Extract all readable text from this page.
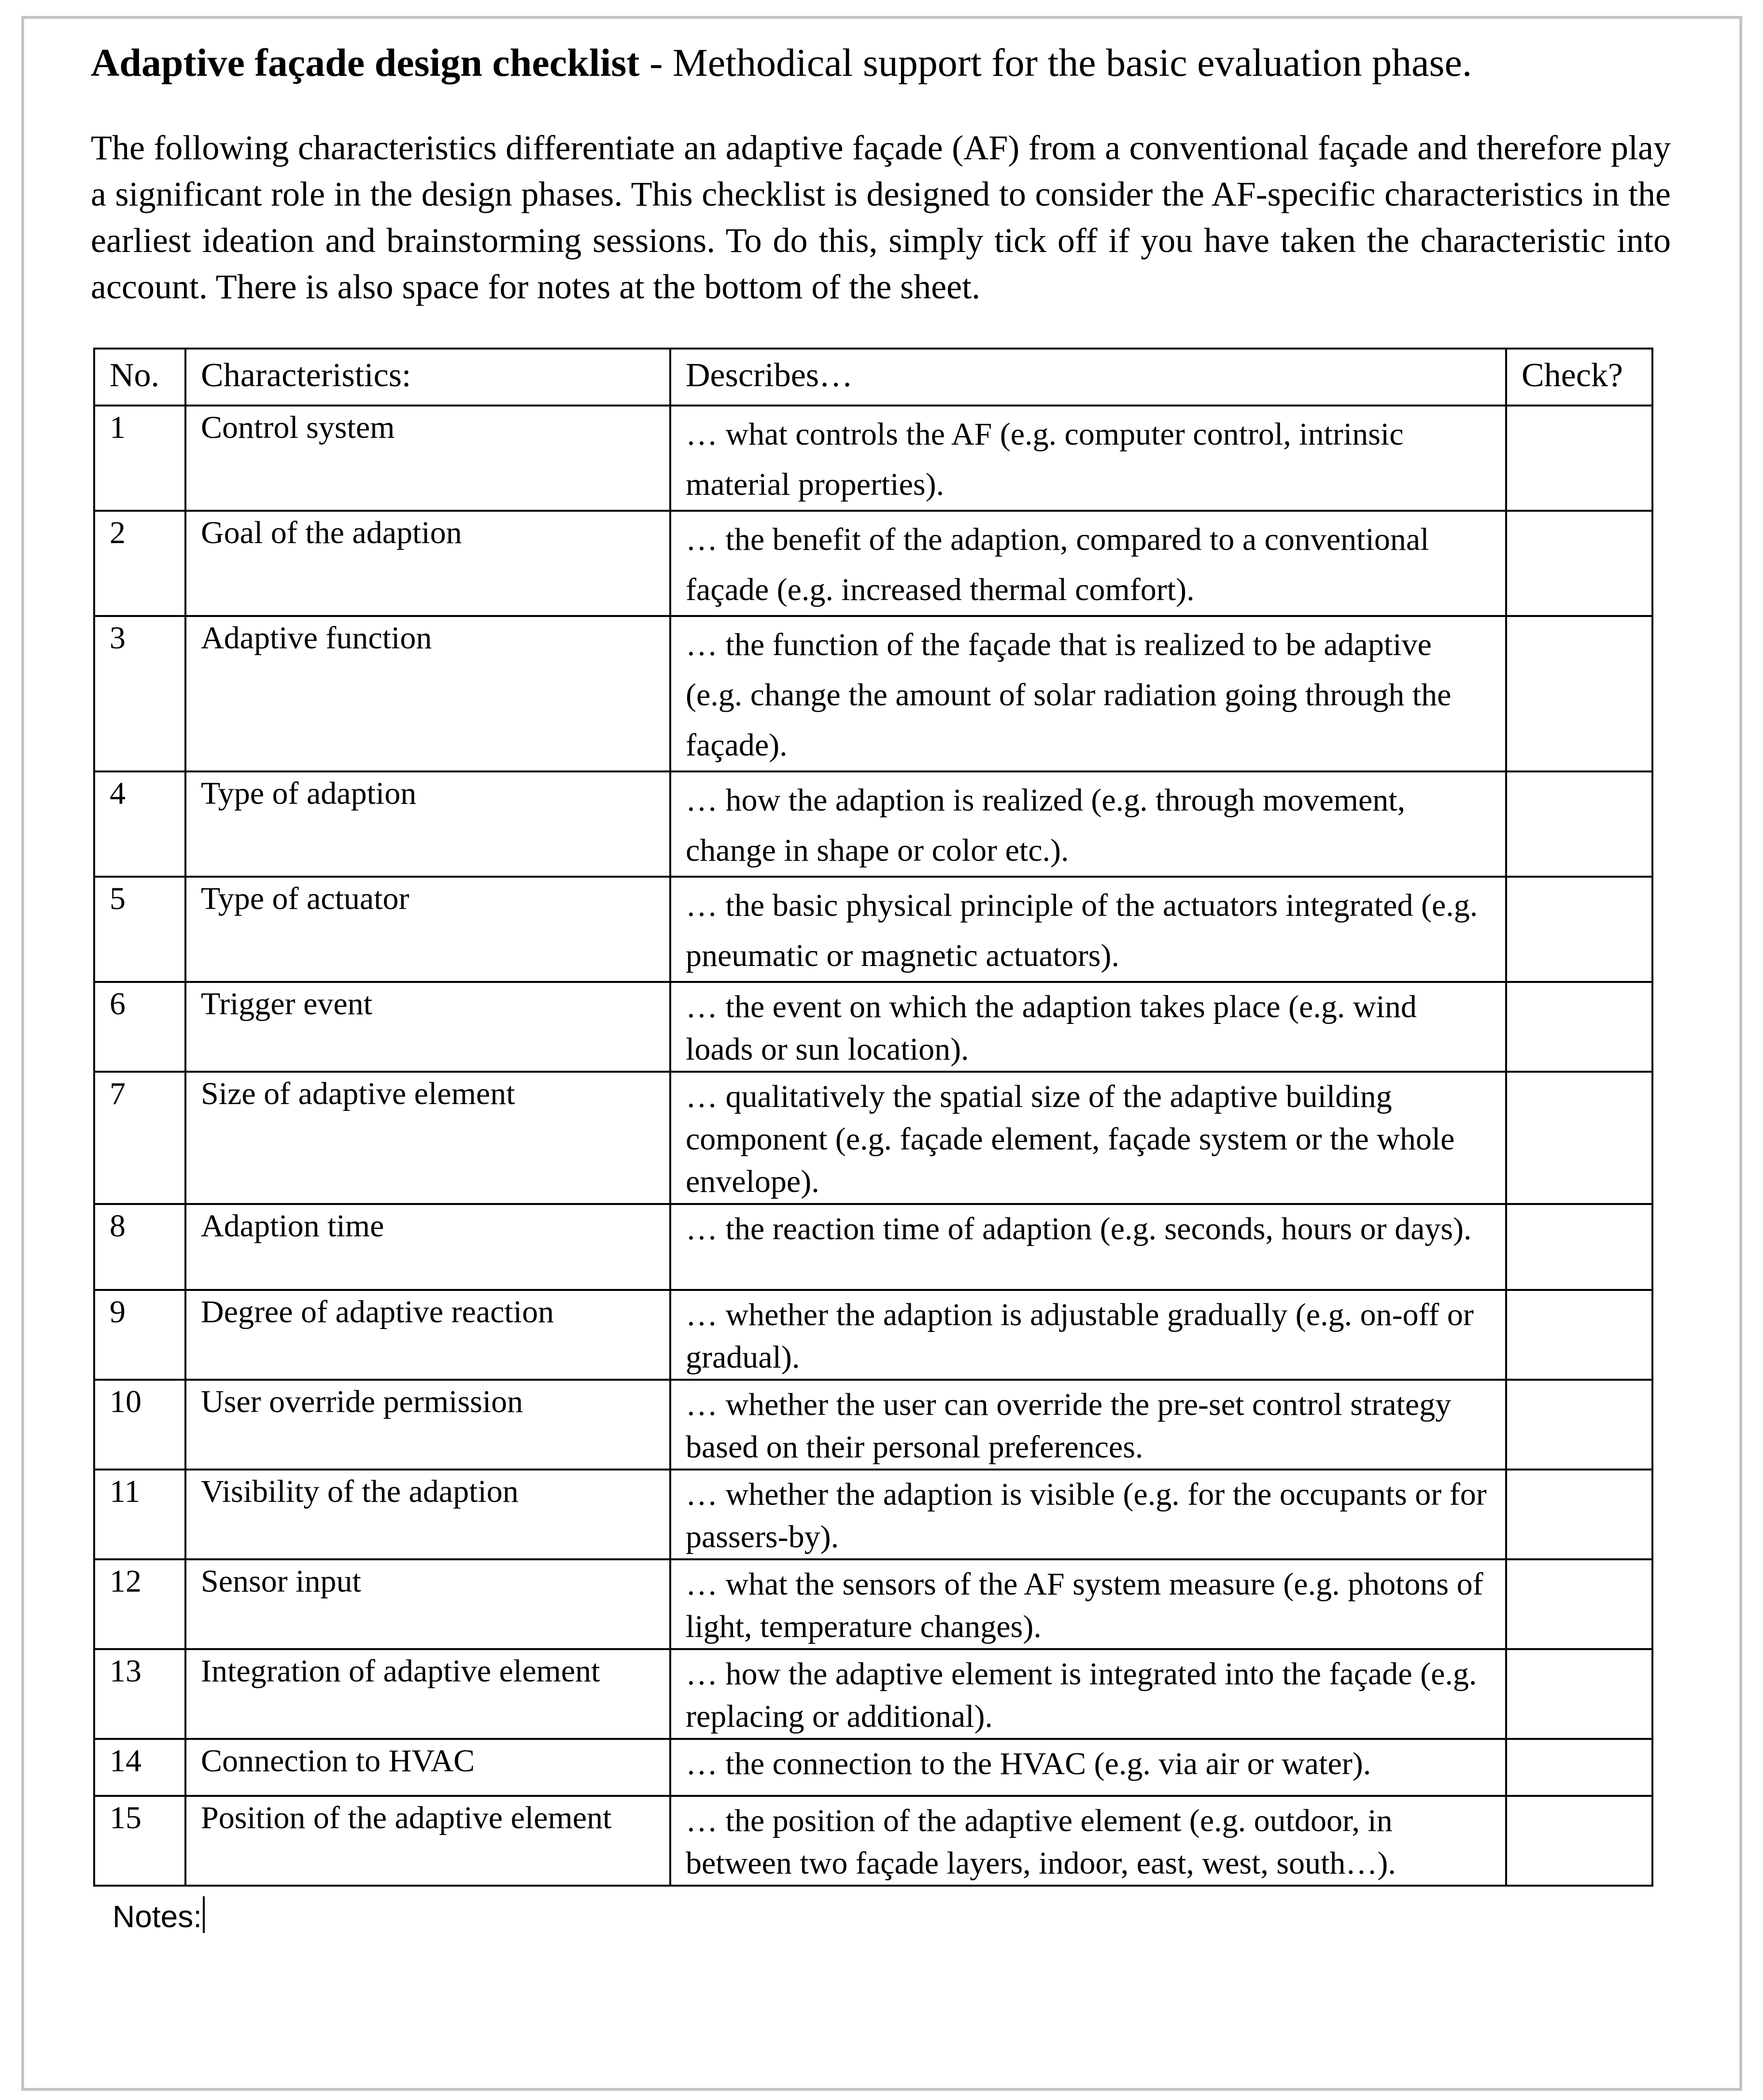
Adaptive façade design checklist - Methodical support for the basic evaluation phase.
The following characteristics differentiate an adaptive façade (AF) from a conventional façade and therefore play a significant role in the design phases. This checklist is designed to consider the AF-specific characteristics in the earliest ideation and brainstorming sessions. To do this, simply tick off if you have taken the characteristic into account. There is also space for notes at the bottom of the sheet.
No.	Characteristics:	Describes…	Check?
1	Control system	… what controls the AF (e.g. computer control, intrinsic material properties).	
2	Goal of the adaption	… the benefit of the adaption, compared to a conventional façade (e.g. increased thermal comfort).	
3	Adaptive function	… the function of the façade that is realized to be adaptive (e.g. change the amount of solar radiation going through the façade).	
4	Type of adaption	… how the adaption is realized (e.g. through movement, change in shape or color etc.).	
5	Type of actuator	… the basic physical principle of the actuators integrated (e.g. pneumatic or magnetic actuators).	
6	Trigger event	… the event on which the adaption takes place (e.g. wind loads or sun location).	
7	Size of adaptive element	… qualitatively the spatial size of the adaptive building component (e.g. façade element, façade system or the whole envelope).	
8	Adaption time	… the reaction time of adaption (e.g. seconds, hours or days).	
9	Degree of adaptive reaction	… whether the adaption is adjustable gradually (e.g. on-off or gradual).	
10	User override permission	… whether the user can override the pre-set control strategy based on their personal preferences.	
11	Visibility of the adaption	… whether the adaption is visible (e.g. for the occupants or for passers-by).	
12	Sensor input	… what the sensors of the AF system measure (e.g. photons of light, temperature changes).	
13	Integration of adaptive element	… how the adaptive element is integrated into the façade (e.g. replacing or additional).	
14	Connection to HVAC	… the connection to the HVAC (e.g. via air or water).	
15	Position of the adaptive element	… the position of the adaptive element (e.g. outdoor, in between two façade layers, indoor, east, west, south…).	
Notes:
